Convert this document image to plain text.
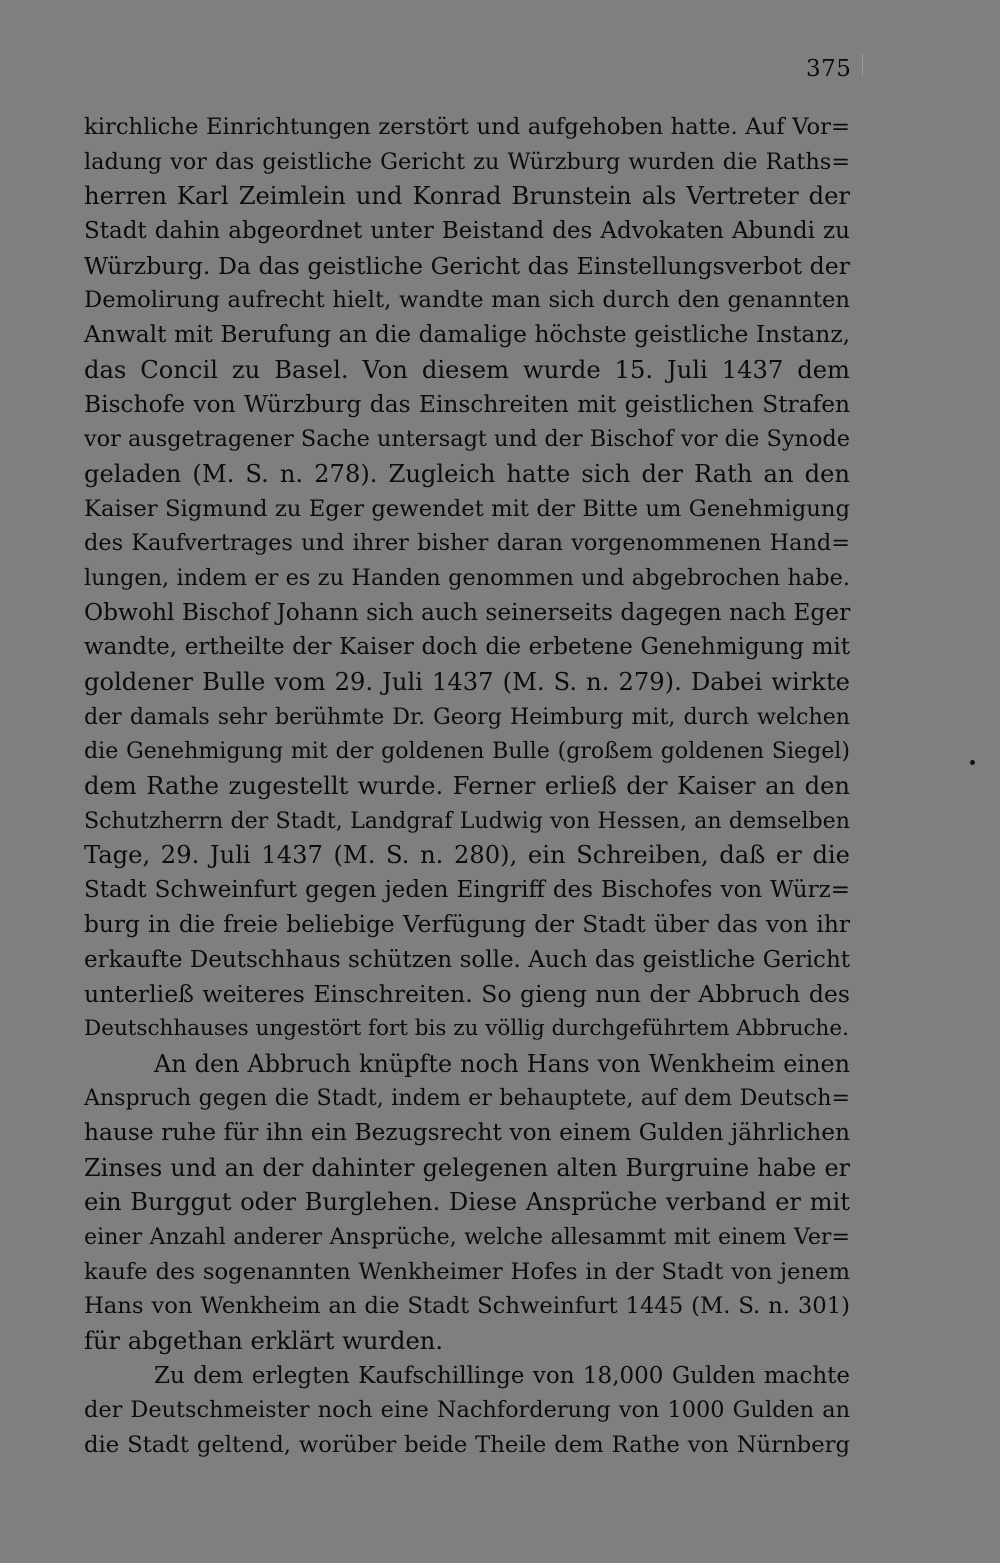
375
kirchliche Einrichtungen zerstört und aufgehoben hatte. Auf Vor=
ladung vor das geistliche Gericht zu Würzburg wurden die Raths=
herren Karl Zeimlein und Konrad Brunstein als Vertreter der
Stadt dahin abgeordnet unter Beistand des Advokaten Abundi zu
Würzburg. Da das geistliche Gericht das Einstellungsverbot der
Demolirung aufrecht hielt, wandte man sich durch den genannten
Anwalt mit Berufung an die damalige höchste geistliche Instanz,
das Concil zu Basel. Von diesem wurde 15. Juli 1437 dem
Bischofe von Würzburg das Einschreiten mit geistlichen Strafen
vor ausgetragener Sache untersagt und der Bischof vor die Synode
geladen (M. S. n. 278). Zugleich hatte sich der Rath an den
Kaiser Sigmund zu Eger gewendet mit der Bitte um Genehmigung
des Kaufvertrages und ihrer bisher daran vorgenommenen Hand=
lungen, indem er es zu Handen genommen und abgebrochen habe.
Obwohl Bischof Johann sich auch seinerseits dagegen nach Eger
wandte, ertheilte der Kaiser doch die erbetene Genehmigung mit
goldener Bulle vom 29. Juli 1437 (M. S. n. 279). Dabei wirkte
der damals sehr berühmte Dr. Georg Heimburg mit, durch welchen
die Genehmigung mit der goldenen Bulle (großem goldenen Siegel)
dem Rathe zugestellt wurde. Ferner erließ der Kaiser an den
Schutzherrn der Stadt, Landgraf Ludwig von Hessen, an demselben
Tage, 29. Juli 1437 (M. S. n. 280), ein Schreiben, daß er die
Stadt Schweinfurt gegen jeden Eingriff des Bischofes von Würz=
burg in die freie beliebige Verfügung der Stadt über das von ihr
erkaufte Deutschhaus schützen solle. Auch das geistliche Gericht
unterließ weiteres Einschreiten. So gieng nun der Abbruch des
Deutschhauses ungestört fort bis zu völlig durchgeführtem Abbruche.
An den Abbruch knüpfte noch Hans von Wenkheim einen
Anspruch gegen die Stadt, indem er behauptete, auf dem Deutsch=
hause ruhe für ihn ein Bezugsrecht von einem Gulden jährlichen
Zinses und an der dahinter gelegenen alten Burgruine habe er
ein Burggut oder Burglehen. Diese Ansprüche verband er mit
einer Anzahl anderer Ansprüche, welche allesammt mit einem Ver=
kaufe des sogenannten Wenkheimer Hofes in der Stadt von jenem
Hans von Wenkheim an die Stadt Schweinfurt 1445 (M. S. n. 301)
für abgethan erklärt wurden.
Zu dem erlegten Kaufschillinge von 18,000 Gulden machte
der Deutschmeister noch eine Nachforderung von 1000 Gulden an
die Stadt geltend, worüber beide Theile dem Rathe von Nürnberg
